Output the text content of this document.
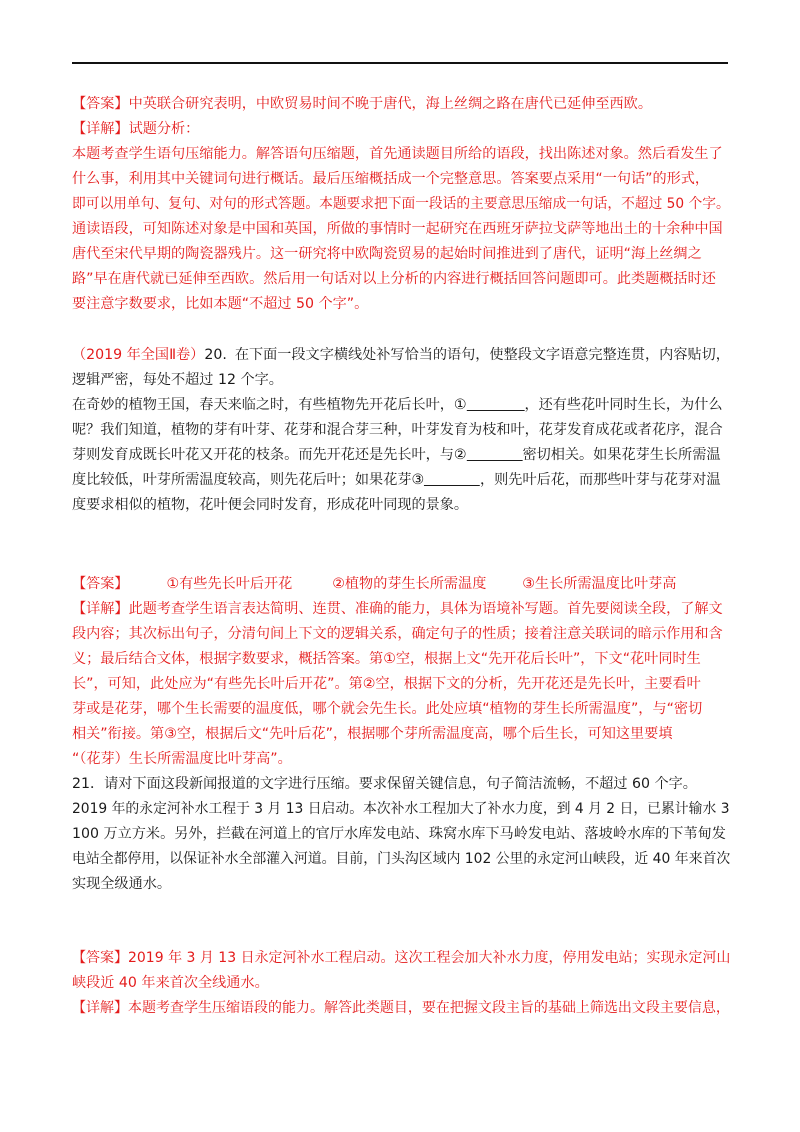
【答案】中英联合研究表明，中欧贸易时间不晚于唐代，海上丝绸之路在唐代已延伸至西欧。
【详解】试题分析：
本题考查学生语句压缩能力。解答语句压缩题，首先通读题目所给的语段，找出陈述对象。然后看发生了
什么事，利用其中关键词句进行概话。最后压缩概括成一个完整意思。答案要点采用“一句话”的形式，
即可以用单句、复句、对句的形式答题。本题要求把下面一段话的主要意思压缩成一句话，不超过 50 个字。
通读语段，可知陈述对象是中国和英国，所做的事情时一起研究在西班牙萨拉戈萨等地出土的十余种中国
唐代至宋代早期的陶瓷器残片。这一研究将中欧陶瓷贸易的起始时间推进到了唐代，证明“海上丝绸之
路”早在唐代就已延伸至西欧。然后用一句话对以上分析的内容进行概括回答问题即可。此类题概括时还
要注意字数要求，比如本题“不超过 50 个字”。
（2019 年全国Ⅱ卷）20. 在下面一段文字横线处补写恰当的语句，使整段文字语意完整连贯，内容贴切，
逻辑严密，每处不超过 12 个字。
在奇妙的植物王国，春天来临之时，有些植物先开花后长叶，①	，还有些花叶同时生长，为什么
呢？我们知道，植物的芽有叶芽、花芽和混合芽三种，叶芽发育为枝和叶，花芽发育成花或者花序，混合
芽则发育成既长叶花又开花的枝条。而先开花还是先长叶，与②	密切相关。如果花芽生长所需温
度比较低，叶芽所需温度较高，则先花后叶；如果花芽③	，则先叶后花，而那些叶芽与花芽对温
度要求相似的植物，花叶便会同时发育，形成花叶同现的景象。
【答案】	①有些先长叶后开花	②植物的芽生长所需温度	③生长所需温度比叶芽高
【详解】此题考查学生语言表达简明、连贯、准确的能力，具体为语境补写题。首先要阅读全段，了解文
段内容；其次标出句子，分清句间上下文的逻辑关系，确定句子的性质；接着注意关联词的暗示作用和含
义；最后结合文体，根据字数要求，概括答案。第①空，根据上文“先开花后长叶”，下文“花叶同时生
长”，可知，此处应为“有些先长叶后开花”。第②空，根据下文的分析，先开花还是先长叶，主要看叶
芽或是花芽，哪个生长需要的温度低，哪个就会先生长。此处应填“植物的芽生长所需温度”，与“密切
相关”衔接。第③空，根据后文“先叶后花”，根据哪个芽所需温度高，哪个后生长，可知这里要填
“（花芽）生长所需温度比叶芽高”。
21．请对下面这段新闻报道的文字进行压缩。要求保留关键信息，句子简洁流畅，不超过 60 个字。
2019 年的永定河补水工程于 3 月 13 日启动。本次补水工程加大了补水力度，到 4 月 2 日，已累计输水 3
100 万立方米。另外，拦截在河道上的官厅水库发电站、珠窝水库下马岭发电站、落坡岭水库的下苇甸发
电站全都停用，以保证补水全部灌入河道。目前，门头沟区域内 102 公里的永定河山峡段，近 40 年来首次
实现全级通水。
【答案】2019 年 3 月 13 日永定河补水工程启动。这次工程会加大补水力度，停用发电站；实现永定河山
峡段近 40 年来首次全线通水。
【详解】本题考查学生压缩语段的能力。解答此类题目，要在把握文段主旨的基础上筛选出文段主要信息，
